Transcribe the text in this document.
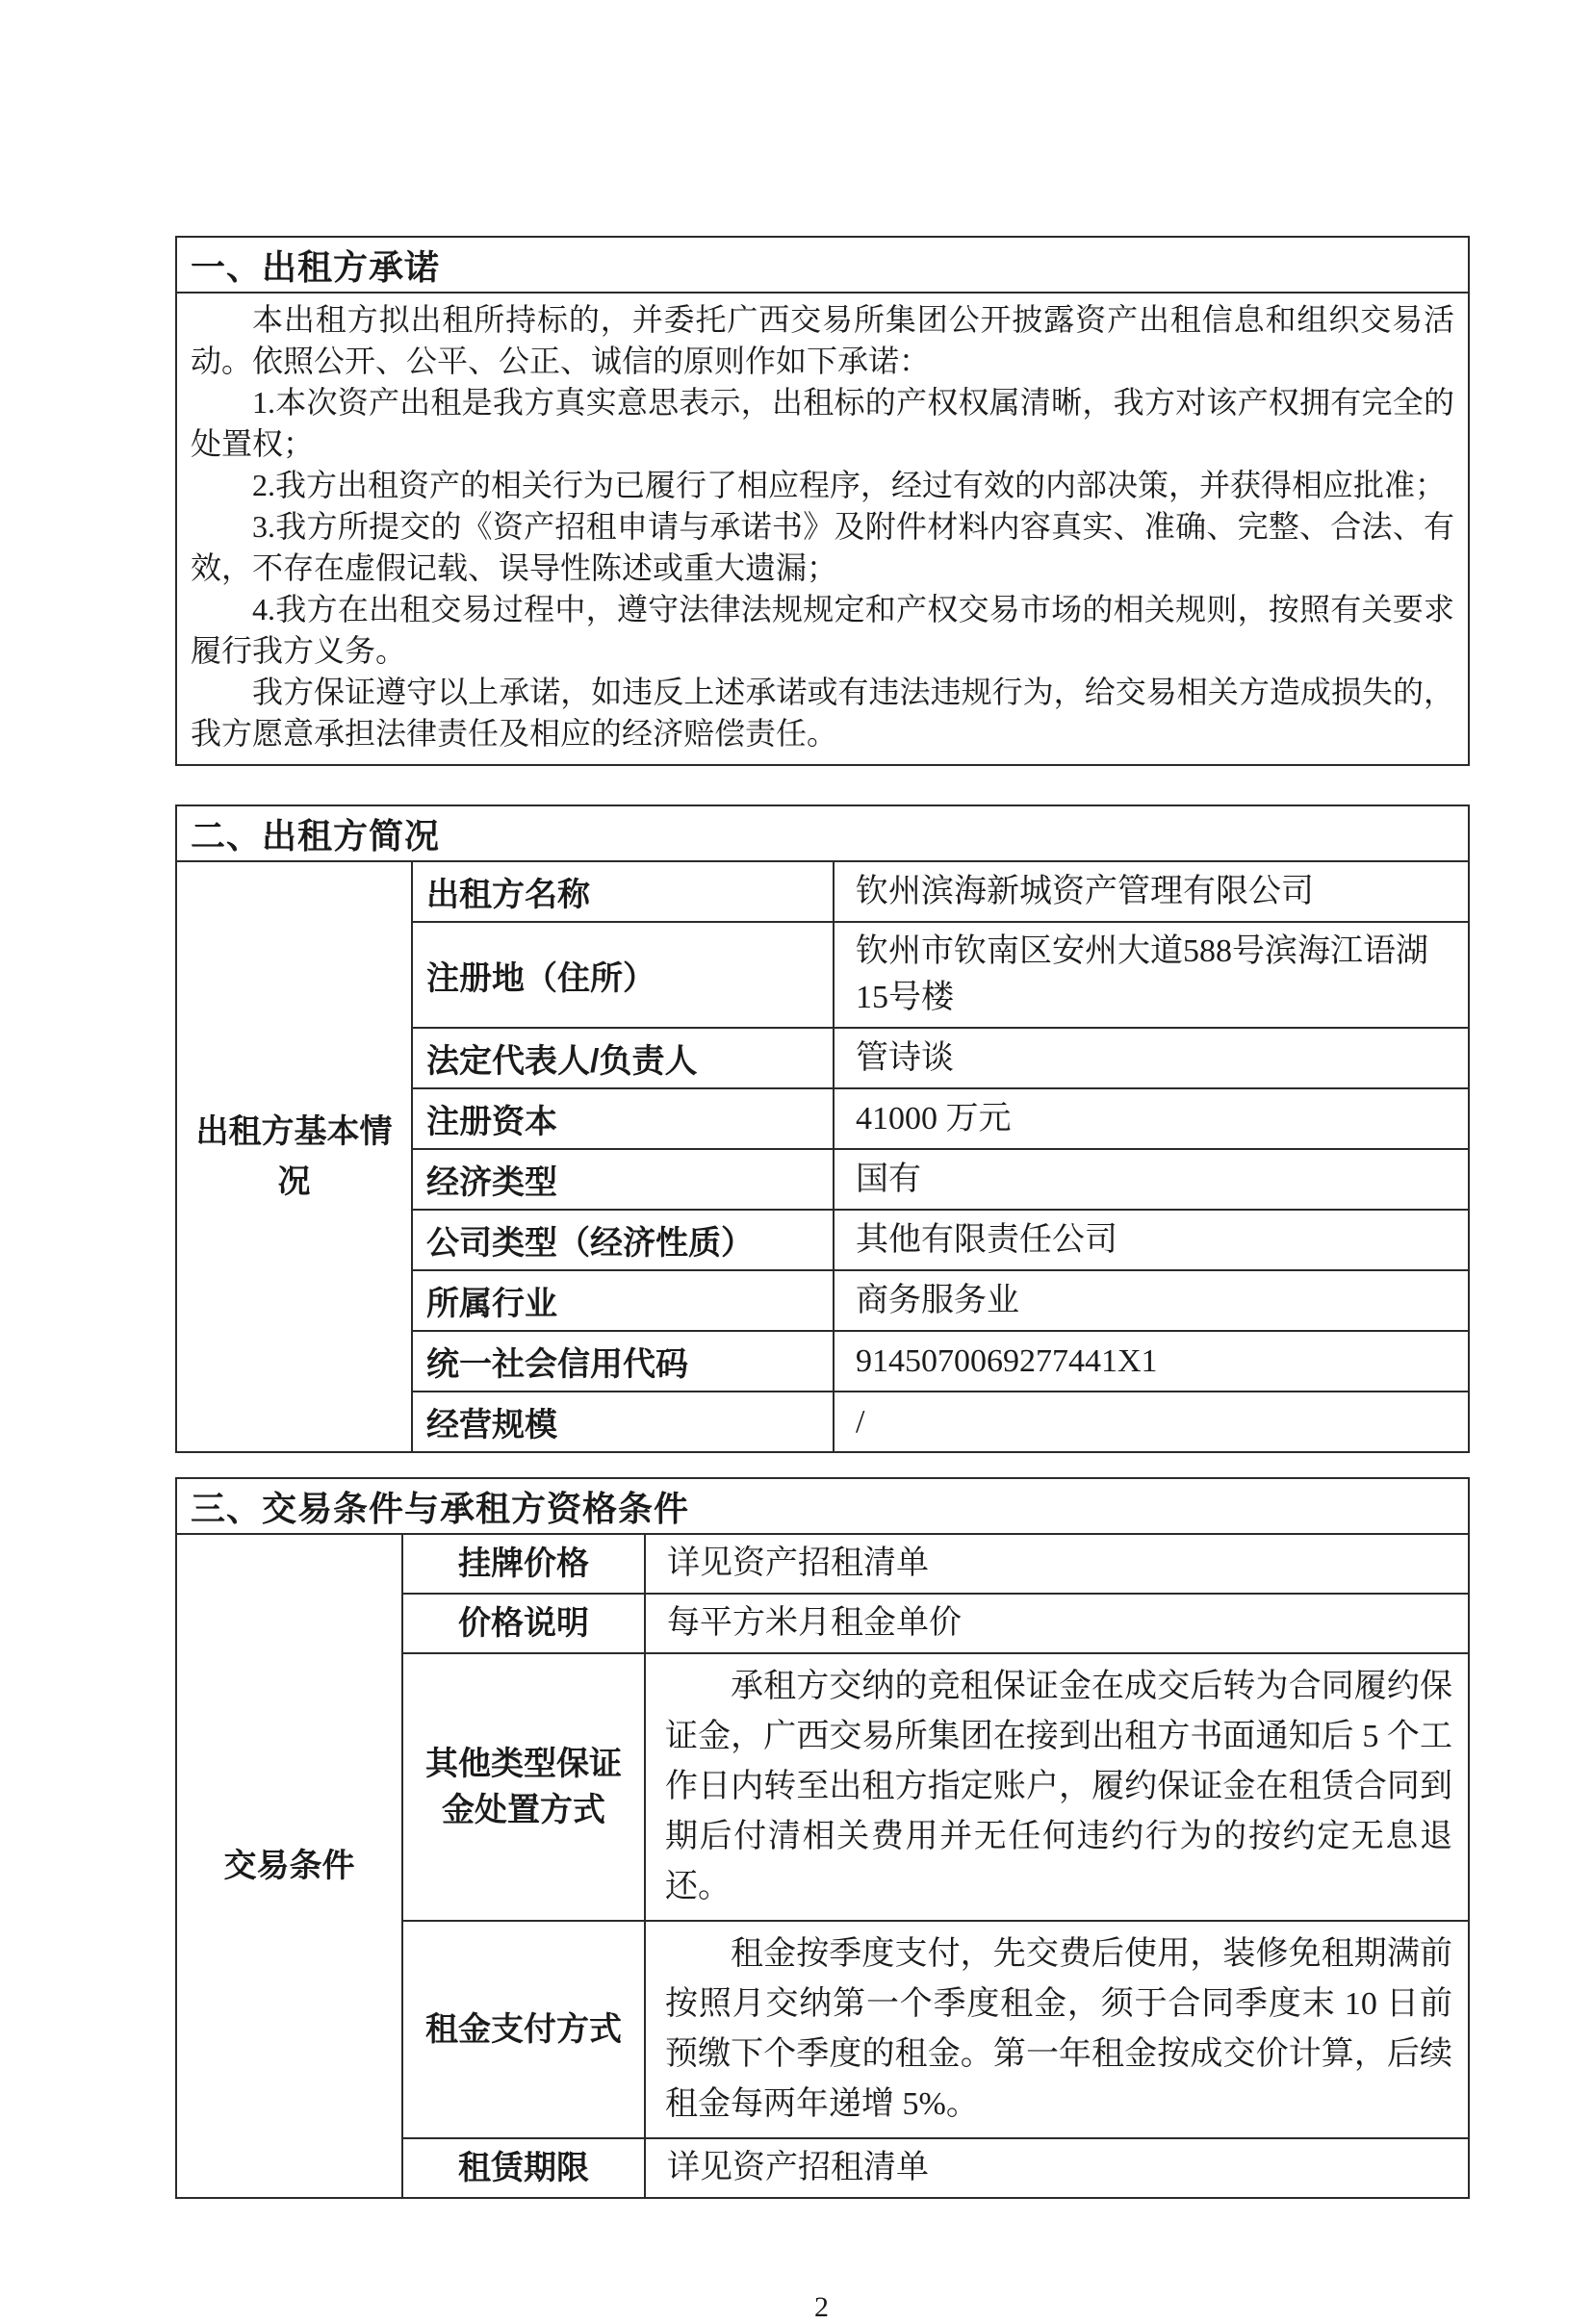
一、出租方承诺

本出租方拟出租所持标的，并委托广西交易所集团公开披露资产出租信息和组织交易活动。依照公开、公平、公正、诚信的原则作如下承诺：

1.本次资产出租是我方真实意思表示，出租标的产权权属清晰，我方对该产权拥有完全的处置权；

2.我方出租资产的相关行为已履行了相应程序，经过有效的内部决策，并获得相应批准；

3.我方所提交的《资产招租申请与承诺书》及附件材料内容真实、准确、完整、合法、有效，不存在虚假记载、误导性陈述或重大遗漏；

4.我方在出租交易过程中，遵守法律法规规定和产权交易市场的相关规则，按照有关要求履行我方义务。

我方保证遵守以上承诺，如违反上述承诺或有违法违规行为，给交易相关方造成损失的，我方愿意承担法律责任及相应的经济赔偿责任。

二、出租方简况		
出租方基本情况	出租方名称	钦州滨海新城资产管理有限公司
	注册地（住所）	钦州市钦南区安州大道588号滨海江语湖15号楼
	法定代表人/负责人	管诗谈
	注册资本	41000 万元
	经济类型	国有
	公司类型（经济性质）	其他有限责任公司
	所属行业	商务服务业
	统一社会信用代码	9145070069277441X1
	经营规模	/
三、交易条件与承租方资格条件		
交易条件	挂牌价格	详见资产招租清单
	价格说明	每平方米月租金单价
	其他类型保证金处置方式	承租方交纳的竞租保证金在成交后转为合同履约保证金，广西交易所集团在接到出租方书面通知后 5 个工作日内转至出租方指定账户，履约保证金在租赁合同到期后付清相关费用并无任何违约行为的按约定无息退还。
	租金支付方式	租金按季度支付，先交费后使用，装修免租期满前按照月交纳第一个季度租金，须于合同季度末 10 日前预缴下个季度的租金。第一年租金按成交价计算，后续租金每两年递增 5%。
	租赁期限	详见资产招租清单
2
